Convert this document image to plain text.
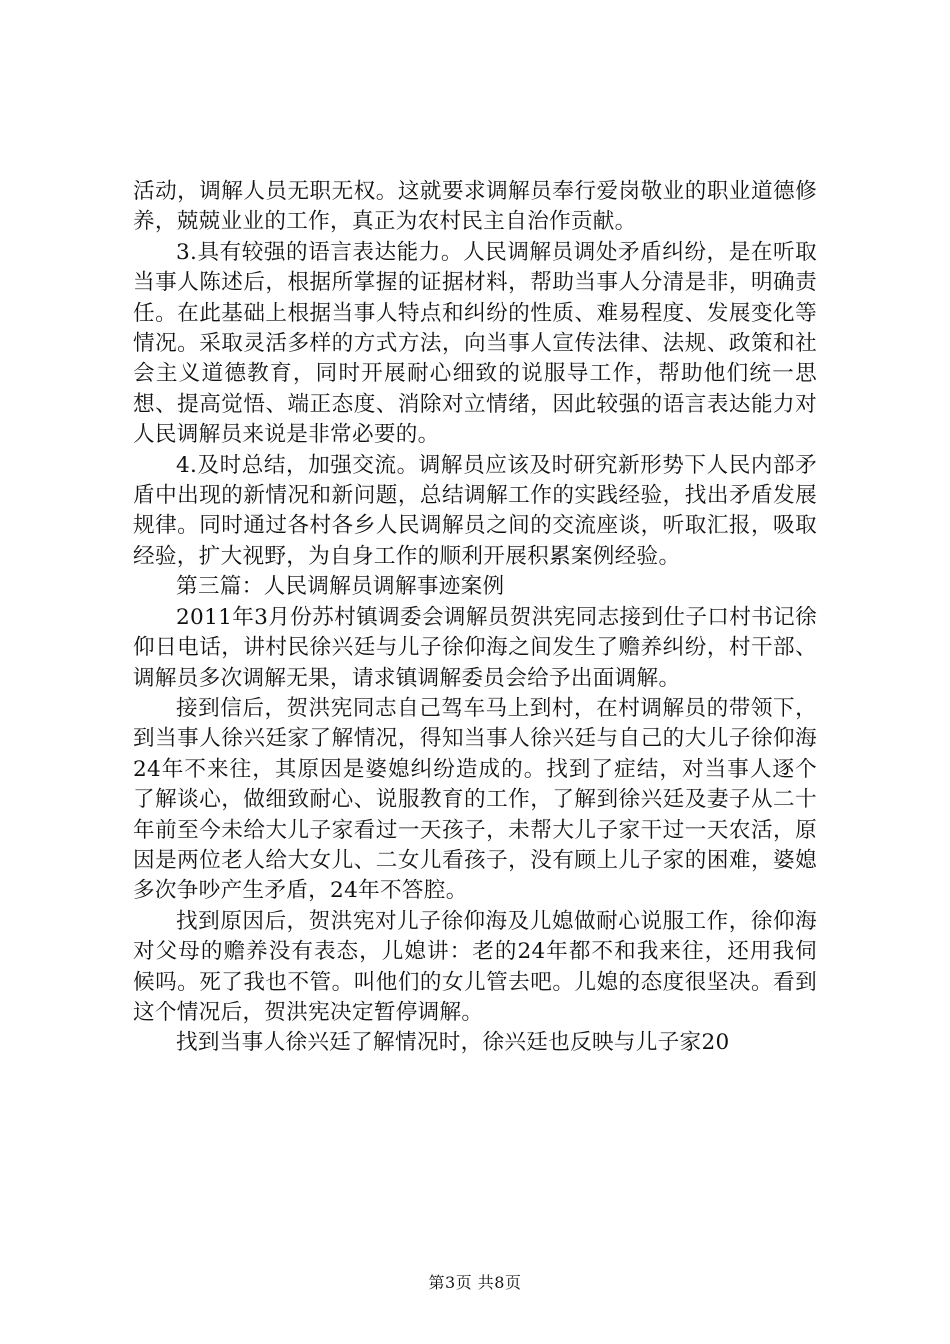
活动，调解人员无职无权。这就要求调解员奉行爱岗敬业的职业道德修养，兢兢业业的工作，真正为农村民主自治作贡献。

3.具有较强的语言表达能力。人民调解员调处矛盾纠纷，是在听取当事人陈述后，根据所掌握的证据材料，帮助当事人分清是非，明确责任。在此基础上根据当事人特点和纠纷的性质、难易程度、发展变化等情况。采取灵活多样的方式方法，向当事人宣传法律、法规、政策和社会主义道德教育，同时开展耐心细致的说服导工作，帮助他们统一思想、提高觉悟、端正态度、消除对立情绪，因此较强的语言表达能力对人民调解员来说是非常必要的。

4.及时总结，加强交流。调解员应该及时研究新形势下人民内部矛盾中出现的新情况和新问题，总结调解工作的实践经验，找出矛盾发展规律。同时通过各村各乡人民调解员之间的交流座谈，听取汇报，吸取经验，扩大视野，为自身工作的顺利开展积累案例经验。

第三篇：人民调解员调解事迹案例

2011年3月份苏村镇调委会调解员贺洪宪同志接到仕子口村书记徐仰日电话，讲村民徐兴廷与儿子徐仰海之间发生了赡养纠纷，村干部、调解员多次调解无果，请求镇调解委员会给予出面调解。

接到信后，贺洪宪同志自己驾车马上到村，在村调解员的带领下，到当事人徐兴廷家了解情况，得知当事人徐兴廷与自己的大儿子徐仰海24年不来往，其原因是婆媳纠纷造成的。找到了症结，对当事人逐个了解谈心，做细致耐心、说服教育的工作，了解到徐兴廷及妻子从二十年前至今未给大儿子家看过一天孩子，未帮大儿子家干过一天农活，原因是两位老人给大女儿、二女儿看孩子，没有顾上儿子家的困难，婆媳多次争吵产生矛盾，24年不答腔。

找到原因后，贺洪宪对儿子徐仰海及儿媳做耐心说服工作，徐仰海对父母的赡养没有表态，儿媳讲：老的24年都不和我来往，还用我伺候吗。死了我也不管。叫他们的女儿管去吧。儿媳的态度很坚决。看到这个情况后，贺洪宪决定暂停调解。

找到当事人徐兴廷了解情况时，徐兴廷也反映与儿子家20

第3页 共8页
